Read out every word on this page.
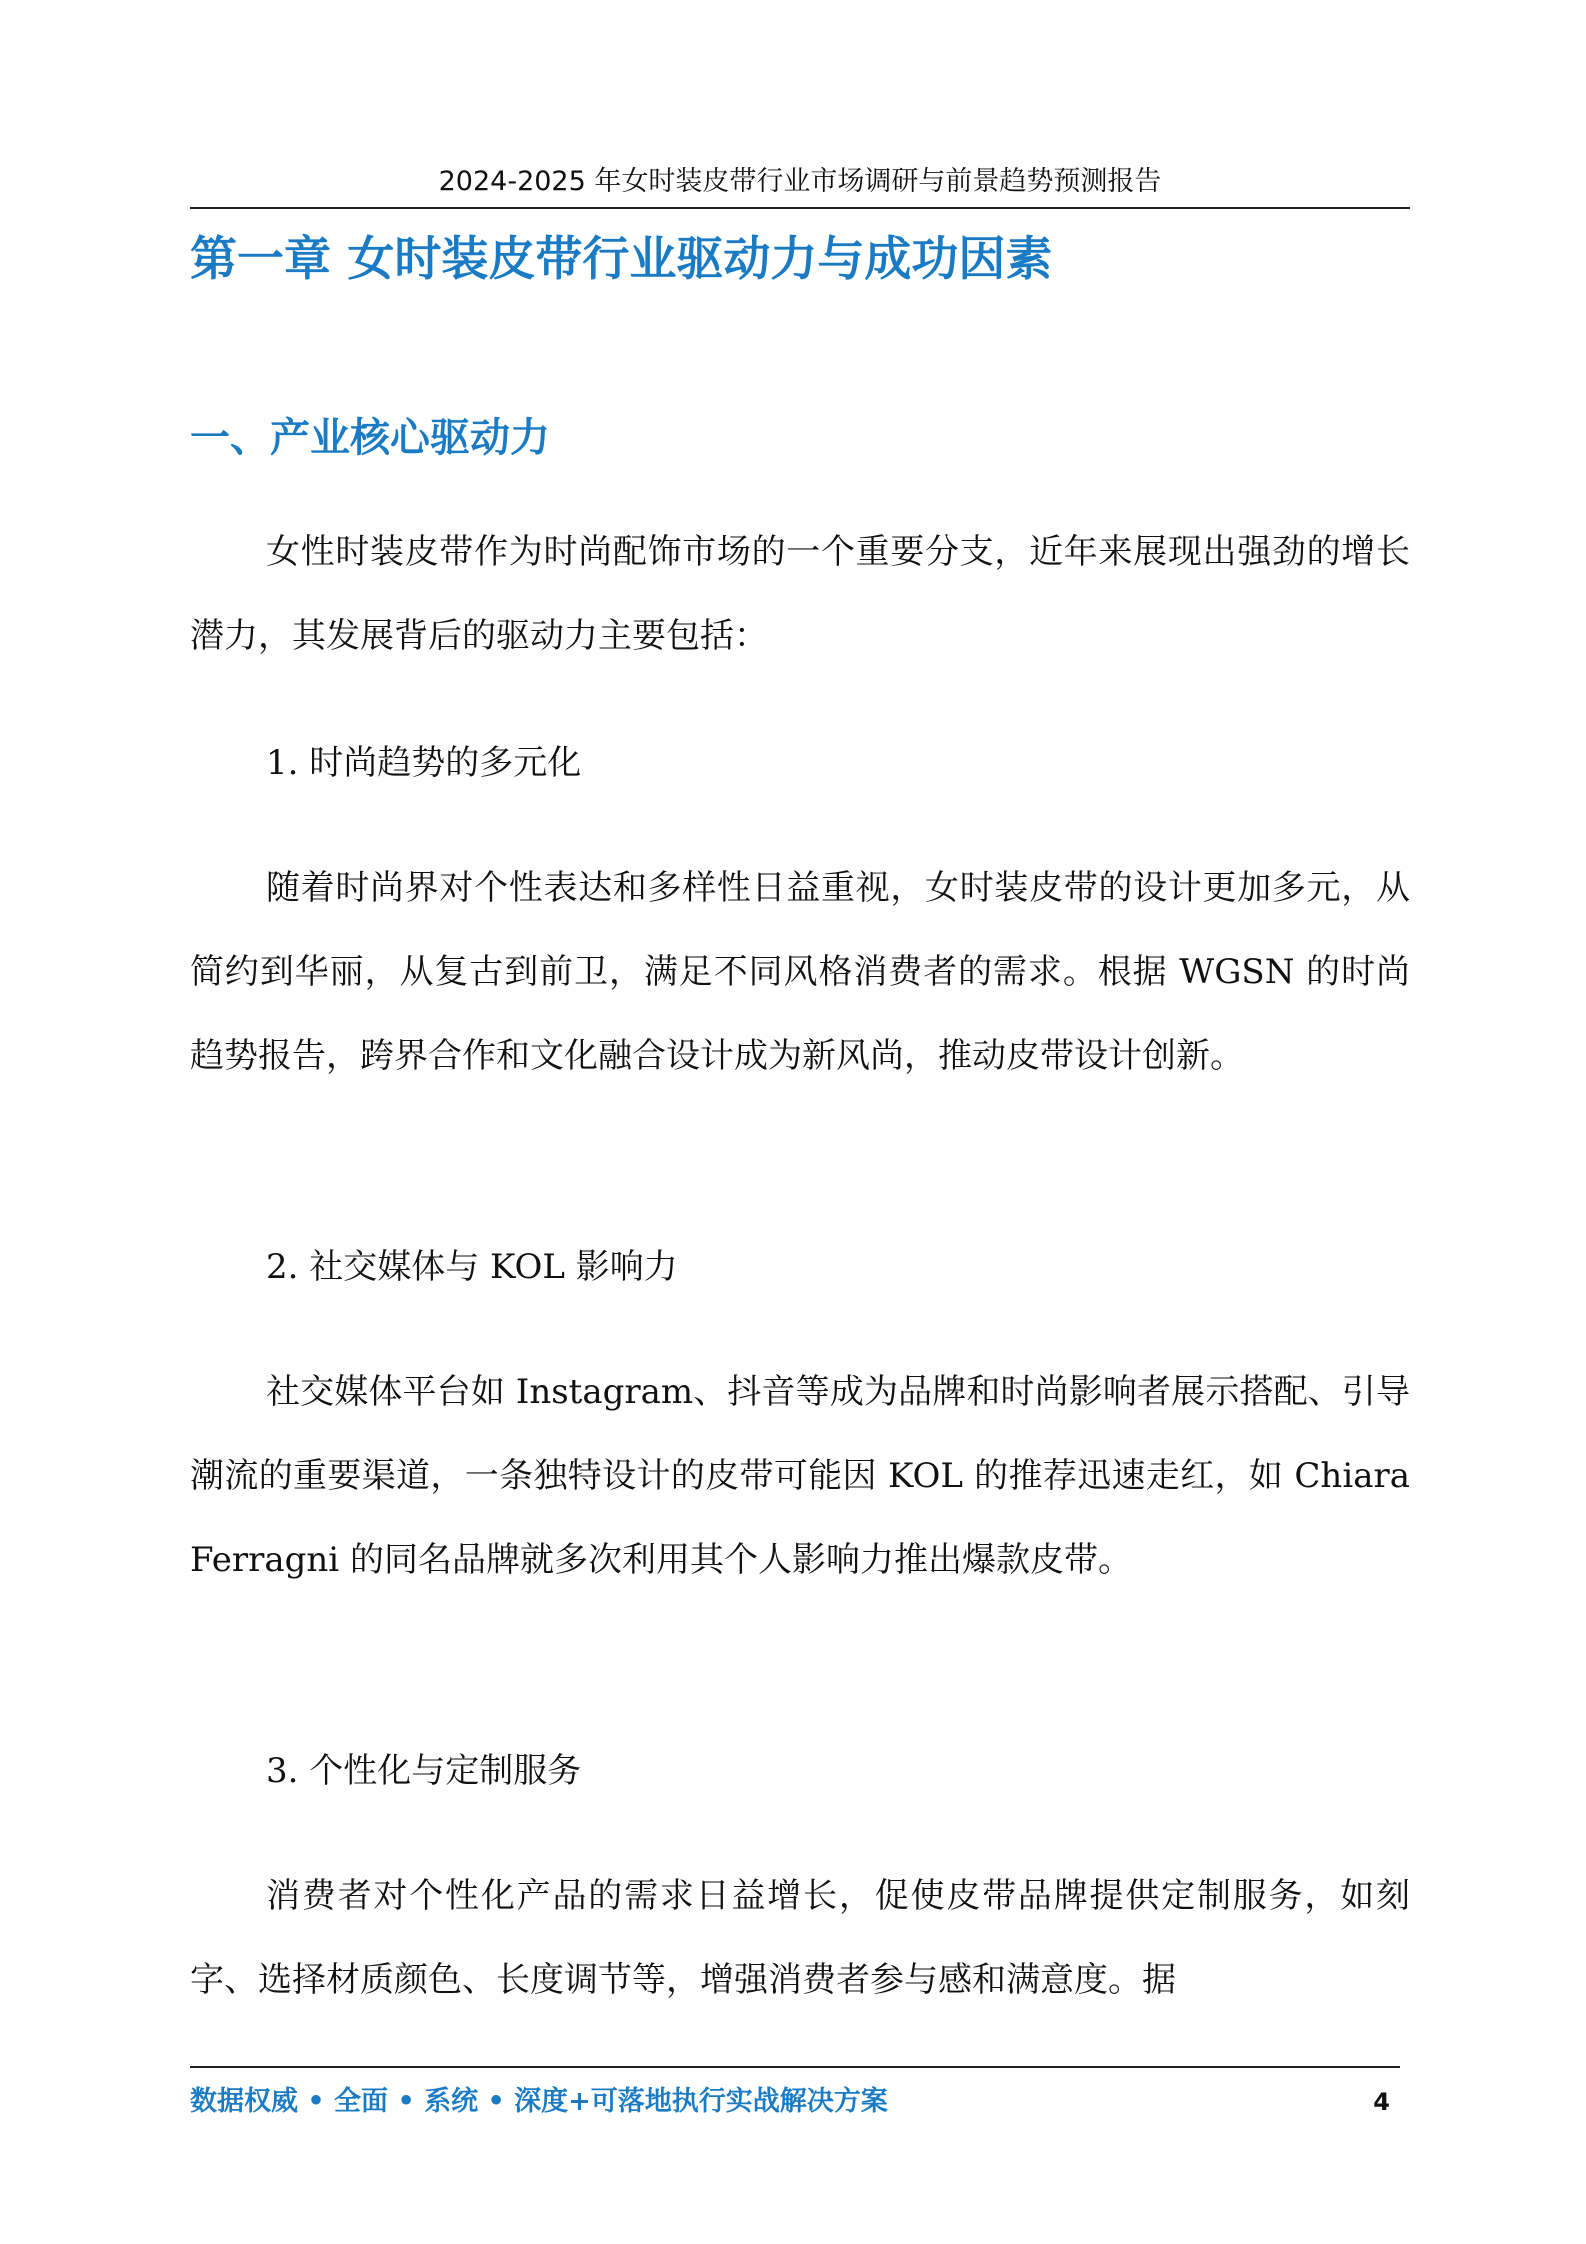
2024-2025 年女时装皮带行业市场调研与前景趋势预测报告
第一章 女时装皮带行业驱动力与成功因素
一、产业核心驱动力

女性时装皮带作为时尚配饰市场的一个重要分支，近年来展现出强劲的增长潜力，其发展背后的驱动力主要包括：

1. 时尚趋势的多元化

随着时尚界对个性表达和多样性日益重视，女时装皮带的设计更加多元，从简约到华丽，从复古到前卫，满足不同风格消费者的需求。根据 WGSN 的时尚趋势报告，跨界合作和文化融合设计成为新风尚，推动皮带设计创新。

2. 社交媒体与 KOL 影响力

社交媒体平台如 Instagram、抖音等成为品牌和时尚影响者展示搭配、引导潮流的重要渠道，一条独特设计的皮带可能因 KOL 的推荐迅速走红，如 Chiara Ferragni 的同名品牌就多次利用其个人影响力推出爆款皮带。

3. 个性化与定制服务

消费者对个性化产品的需求日益增长，促使皮带品牌提供定制服务，如刻字、选择材质颜色、长度调节等，增强消费者参与感和满意度。据

数据权威 • 全面 • 系统 • 深度+可落地执行实战解决方案	4
